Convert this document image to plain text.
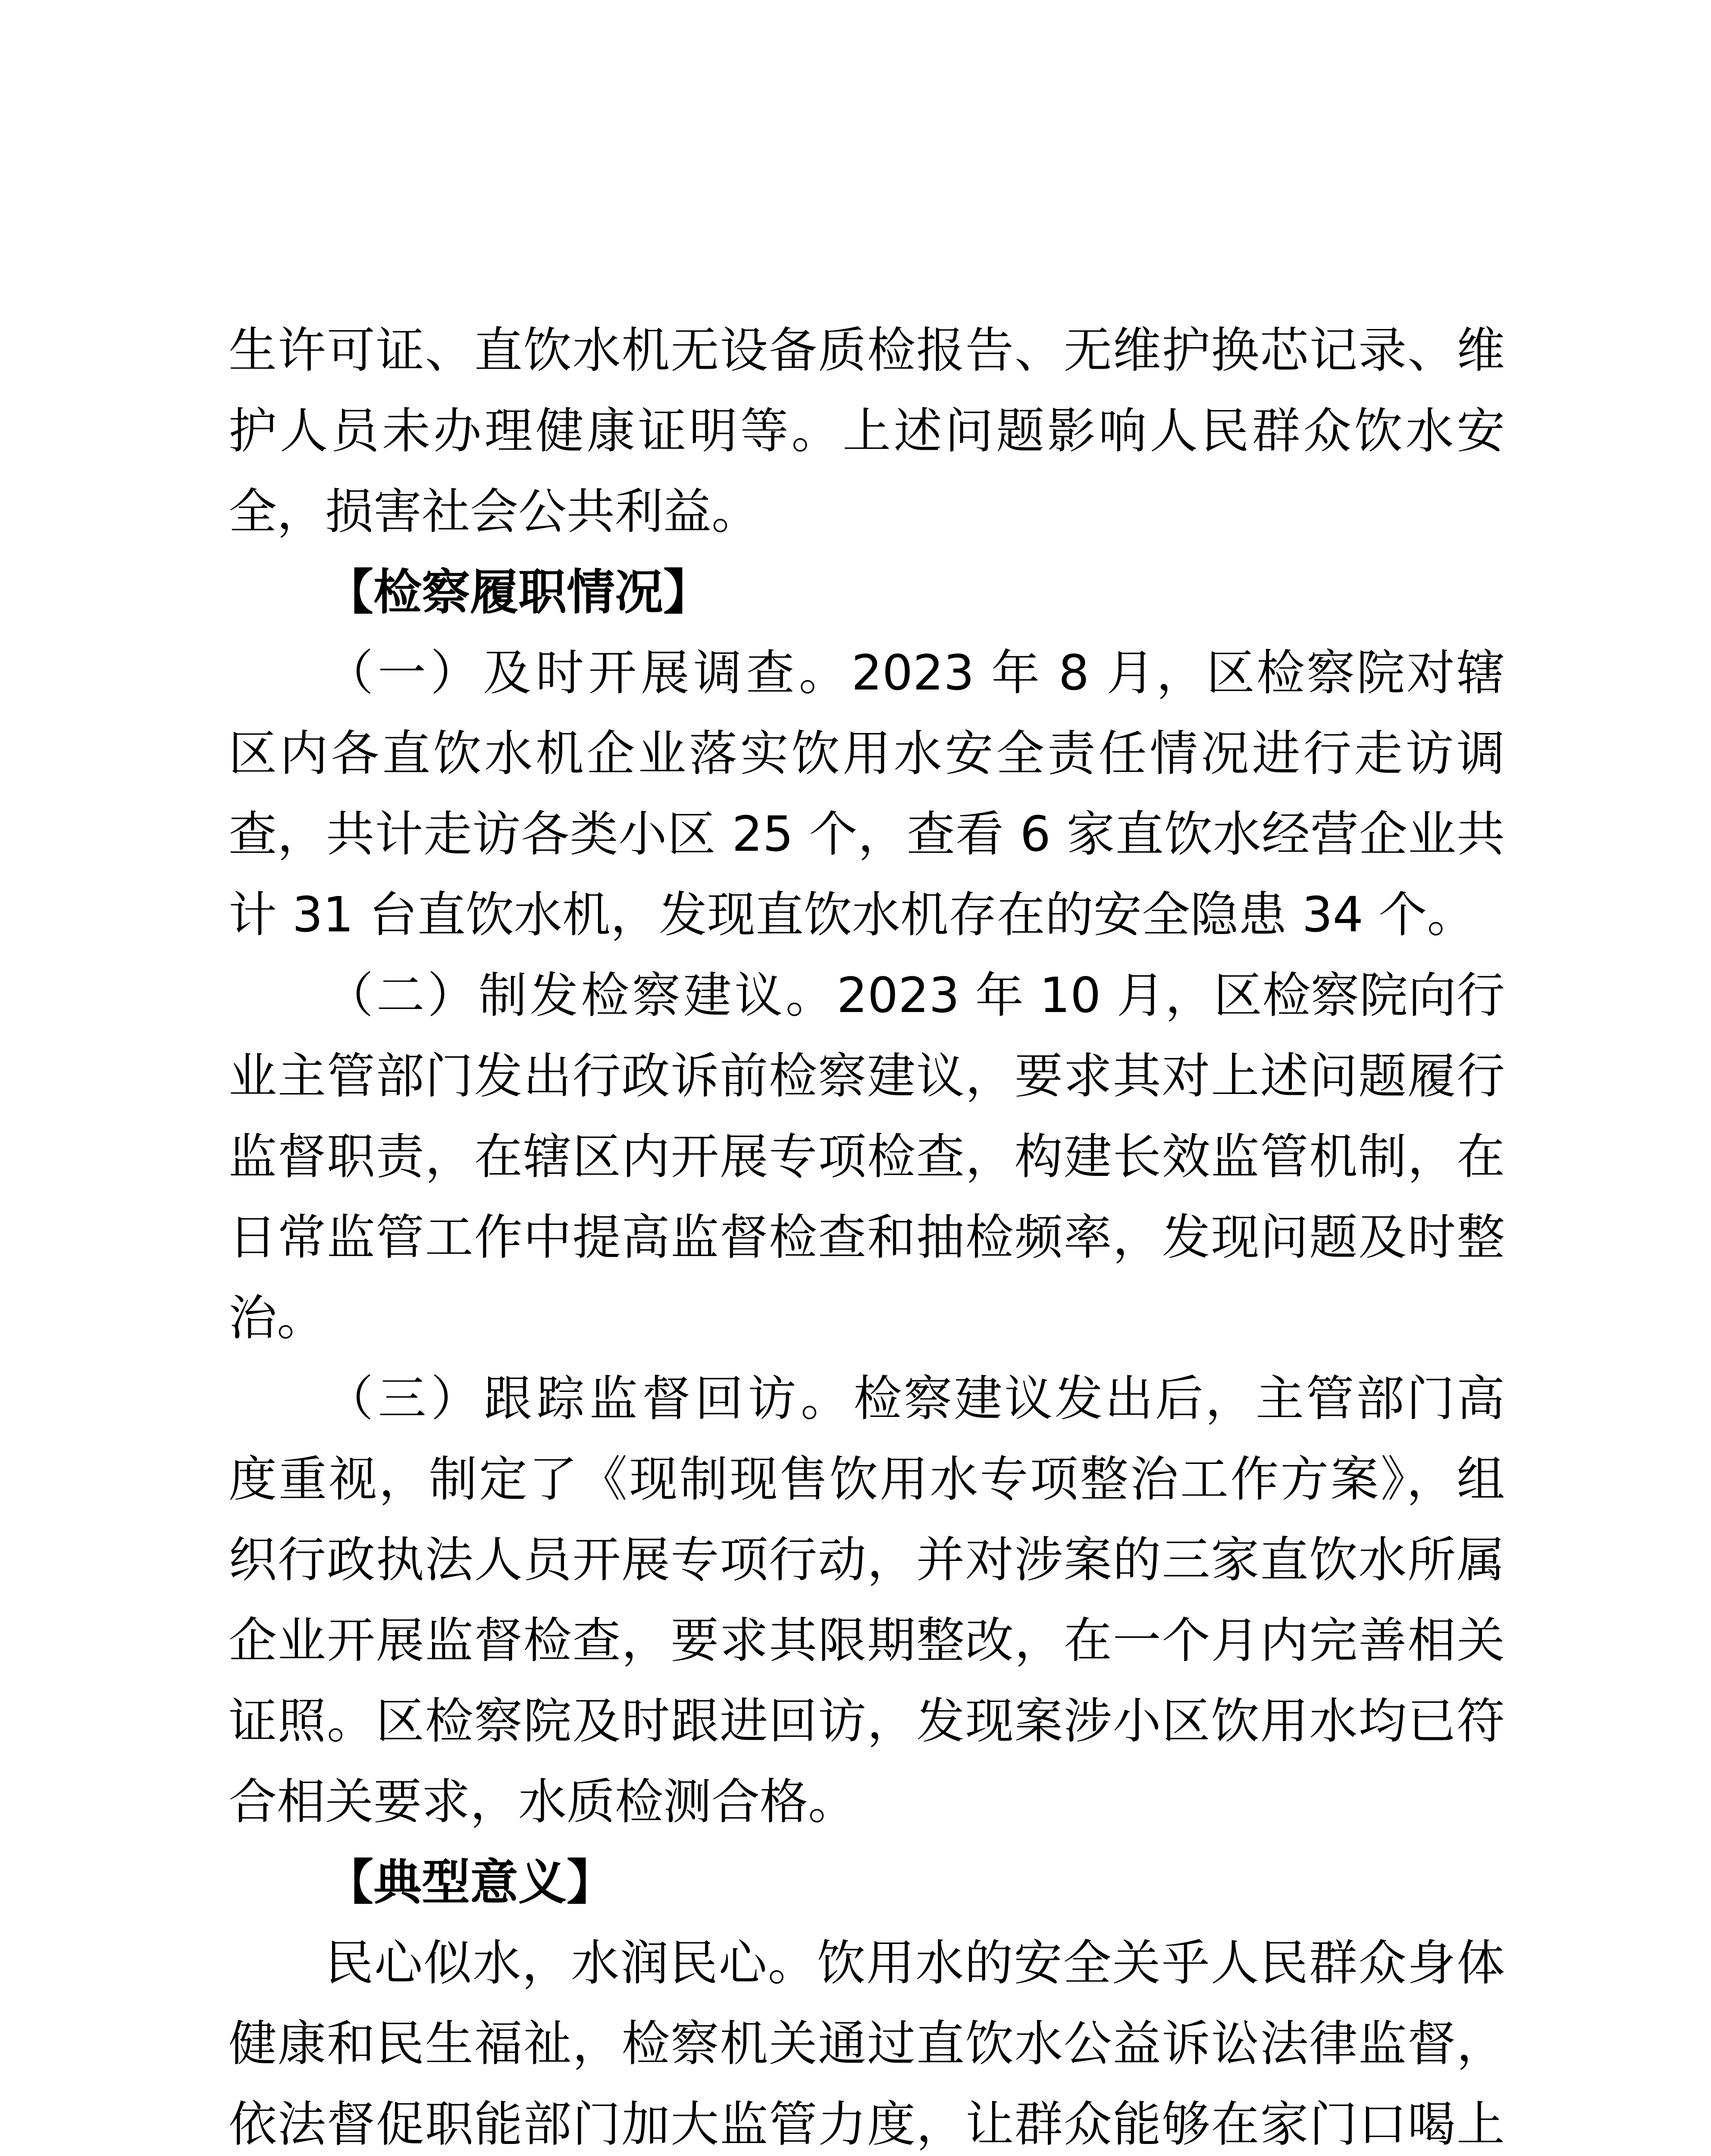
生许可证、直饮水机无设备质检报告、无维护换芯记录、维护人员未办理健康证明等。上述问题影响人民群众饮水安全，损害社会公共利益。

【检察履职情况】

（一）及时开展调查。2023 年 8 月，区检察院对辖区内各直饮水机企业落实饮用水安全责任情况进行走访调查，共计走访各类小区 25 个，查看 6 家直饮水经营企业共计 31 台直饮水机，发现直饮水机存在的安全隐患 34 个。

（二）制发检察建议。2023 年 10 月，区检察院向行业主管部门发出行政诉前检察建议，要求其对上述问题履行监督职责，在辖区内开展专项检查，构建长效监管机制，在日常监管工作中提高监督检查和抽检频率，发现问题及时整治。

（三）跟踪监督回访。检察建议发出后，主管部门高度重视，制定了《现制现售饮用水专项整治工作方案》，组织行政执法人员开展专项行动，并对涉案的三家直饮水所属企业开展监督检查，要求其限期整改，在一个月内完善相关证照。区检察院及时跟进回访，发现案涉小区饮用水均已符合相关要求，水质检测合格。

【典型意义】

民心似水，水润民心。饮用水的安全关乎人民群众身体健康和民生福祉，检察机关通过直饮水公益诉讼法律监督，依法督促职能部门加大监管力度，让群众能够在家门口喝上
